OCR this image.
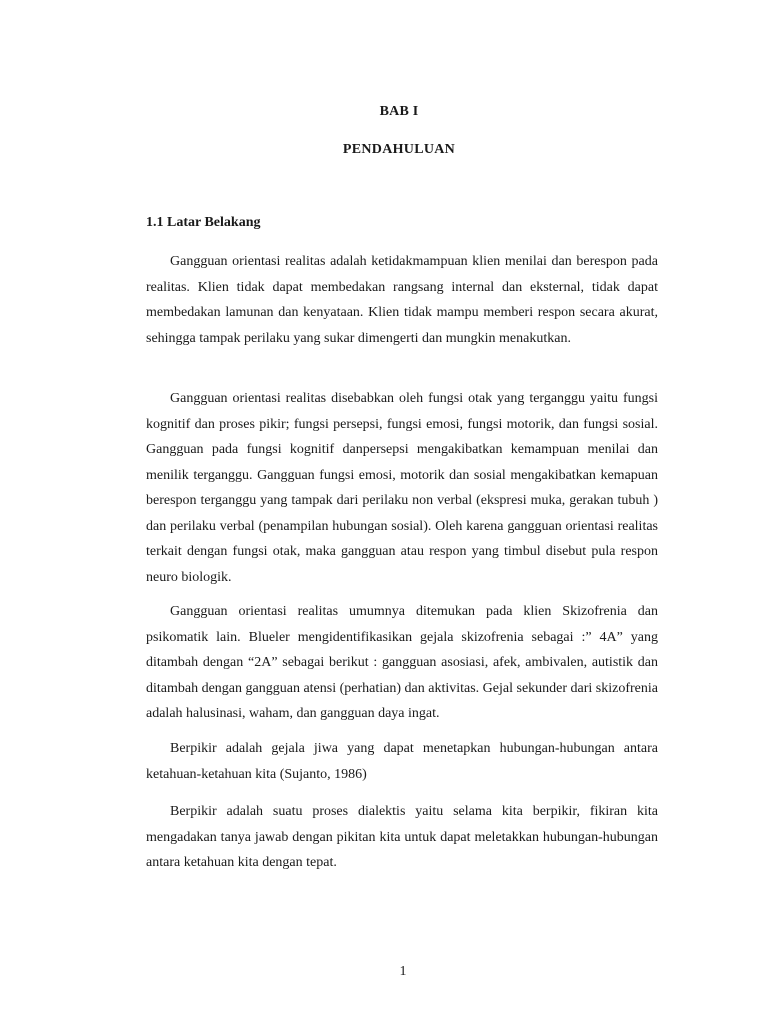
BAB I
PENDAHULUAN
1.1 Latar Belakang

Gangguan orientasi realitas adalah ketidakmampuan klien menilai dan berespon pada realitas. Klien tidak dapat membedakan rangsang internal dan eksternal, tidak dapat membedakan lamunan dan kenyataan. Klien tidak mampu memberi respon secara akurat, sehingga tampak perilaku yang sukar dimengerti dan mungkin menakutkan.

Gangguan orientasi realitas disebabkan oleh fungsi otak yang terganggu yaitu fungsi kognitif dan proses pikir; fungsi persepsi, fungsi emosi, fungsi motorik, dan fungsi sosial. Gangguan pada fungsi kognitif danpersepsi mengakibatkan kemampuan menilai dan menilik terganggu. Gangguan fungsi emosi, motorik dan sosial mengakibatkan kemapuan berespon terganggu yang tampak dari perilaku non verbal (ekspresi muka, gerakan tubuh ) dan perilaku verbal (penampilan hubungan sosial). Oleh karena gangguan orientasi realitas terkait dengan fungsi otak, maka gangguan atau respon yang timbul disebut pula respon neuro biologik.

Gangguan orientasi realitas umumnya ditemukan pada klien Skizofrenia dan psikomatik lain. Blueler mengidentifikasikan gejala skizofrenia sebagai :” 4A” yang ditambah dengan “2A” sebagai berikut : gangguan asosiasi, afek, ambivalen, autistik dan ditambah dengan gangguan atensi (perhatian) dan aktivitas. Gejal sekunder dari skizofrenia adalah halusinasi, waham, dan gangguan daya ingat.

Berpikir adalah gejala jiwa yang dapat menetapkan hubungan-hubungan antara ketahuan-ketahuan kita (Sujanto, 1986)

Berpikir adalah suatu proses dialektis yaitu selama kita berpikir, fikiran kita mengadakan tanya jawab dengan pikitan kita untuk dapat meletakkan hubungan-hubungan antara ketahuan kita dengan tepat.

1
